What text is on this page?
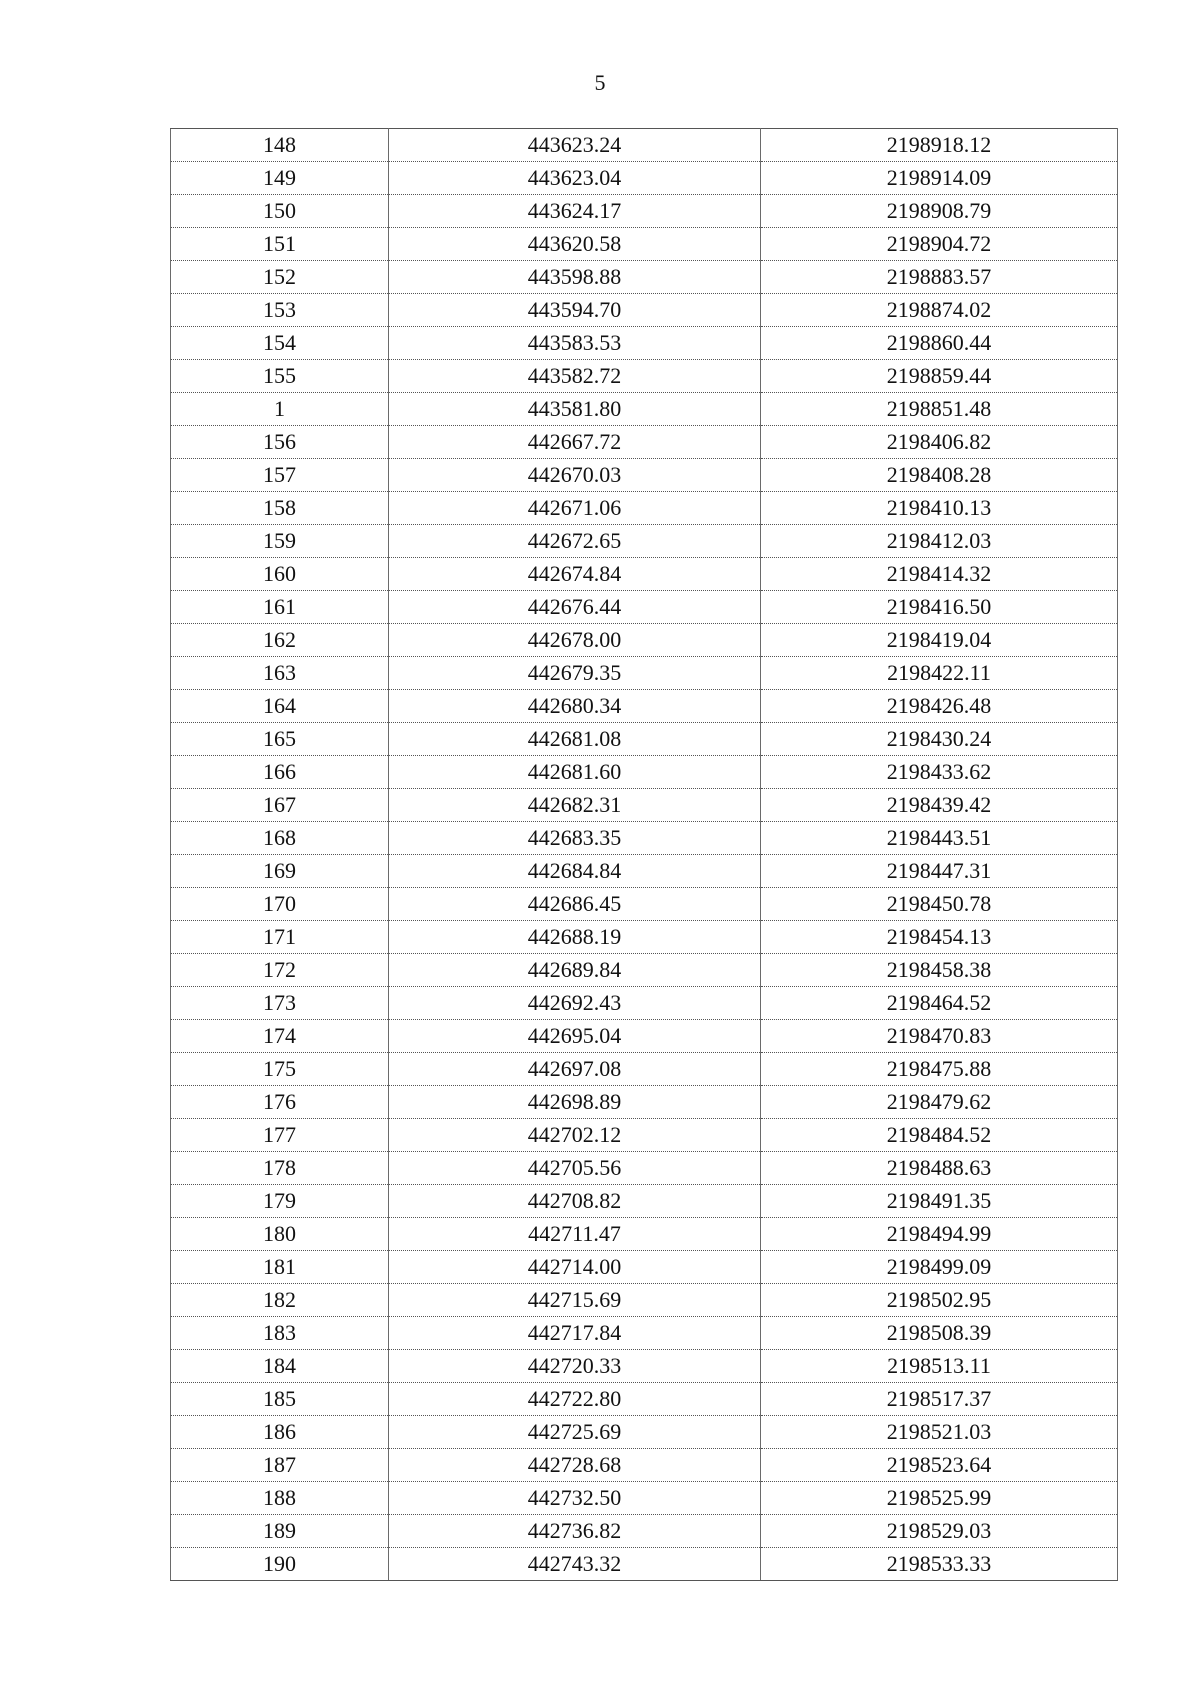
5
148	443623.24	2198918.12
149	443623.04	2198914.09
150	443624.17	2198908.79
151	443620.58	2198904.72
152	443598.88	2198883.57
153	443594.70	2198874.02
154	443583.53	2198860.44
155	443582.72	2198859.44
1	443581.80	2198851.48
156	442667.72	2198406.82
157	442670.03	2198408.28
158	442671.06	2198410.13
159	442672.65	2198412.03
160	442674.84	2198414.32
161	442676.44	2198416.50
162	442678.00	2198419.04
163	442679.35	2198422.11
164	442680.34	2198426.48
165	442681.08	2198430.24
166	442681.60	2198433.62
167	442682.31	2198439.42
168	442683.35	2198443.51
169	442684.84	2198447.31
170	442686.45	2198450.78
171	442688.19	2198454.13
172	442689.84	2198458.38
173	442692.43	2198464.52
174	442695.04	2198470.83
175	442697.08	2198475.88
176	442698.89	2198479.62
177	442702.12	2198484.52
178	442705.56	2198488.63
179	442708.82	2198491.35
180	442711.47	2198494.99
181	442714.00	2198499.09
182	442715.69	2198502.95
183	442717.84	2198508.39
184	442720.33	2198513.11
185	442722.80	2198517.37
186	442725.69	2198521.03
187	442728.68	2198523.64
188	442732.50	2198525.99
189	442736.82	2198529.03
190	442743.32	2198533.33
